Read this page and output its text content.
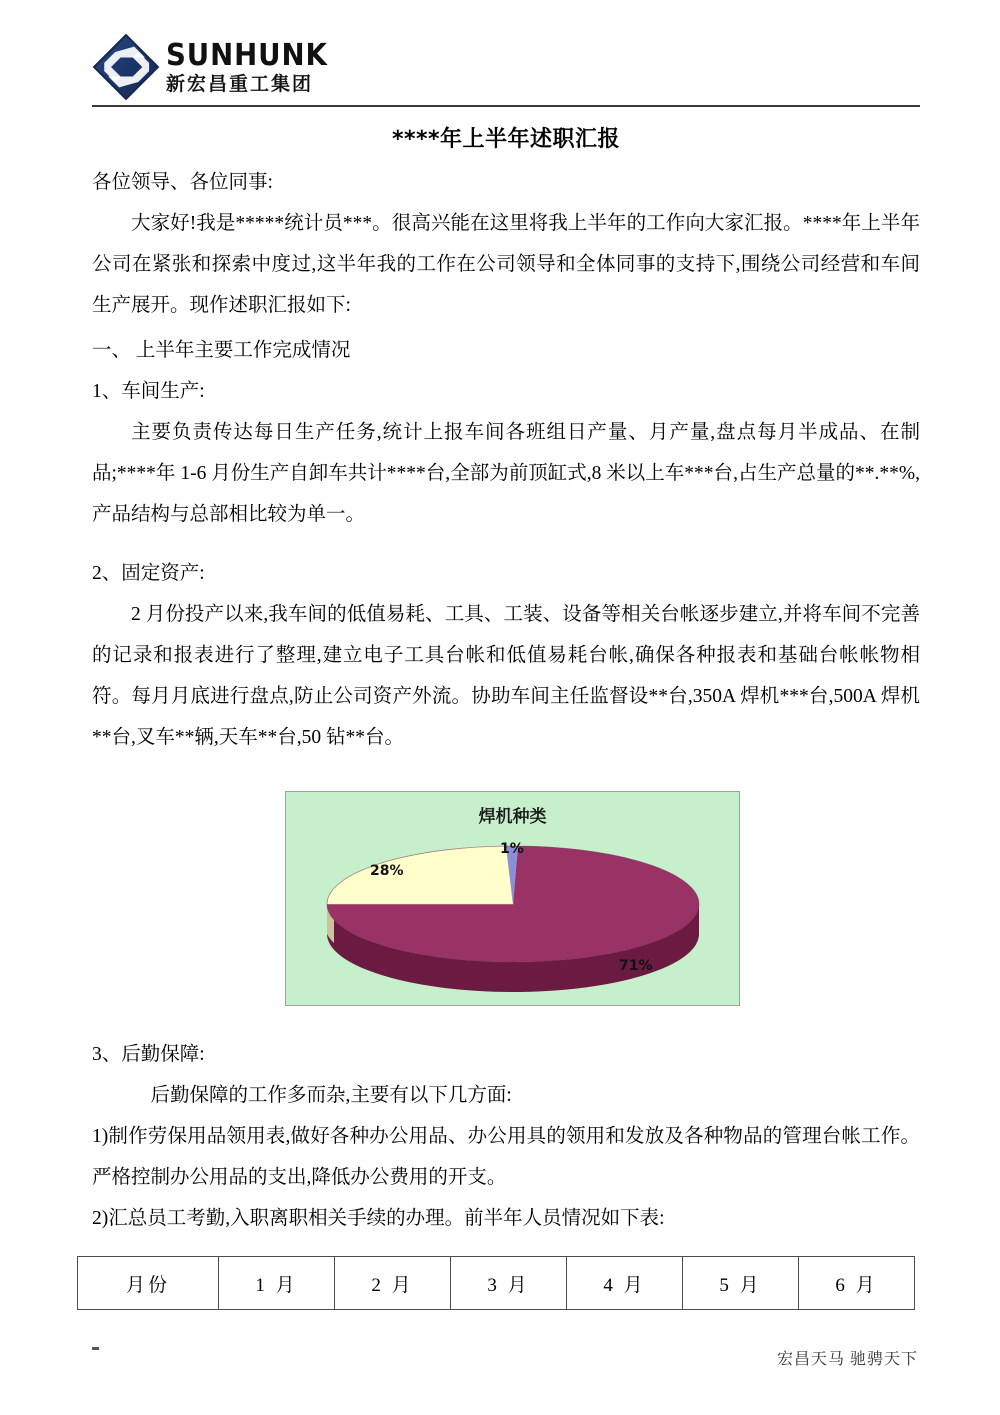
SUNHUNK
新宏昌重工集团
****年上半年述职汇报
各位领导、各位同事:
大家好!我是*****统计员***。很高兴能在这里将我上半年的工作向大家汇报。****年上半年公司在紧张和探索中度过,这半年我的工作在公司领导和全体同事的支持下,围绕公司经营和车间生产展开。现作述职汇报如下:
一、 上半年主要工作完成情况
1、车间生产:
主要负责传达每日生产任务,统计上报车间各班组日产量、月产量,盘点每月半成品、在制品;****年 1-6 月份生产自卸车共计****台,全部为前顶缸式,8 米以上车***台,占生产总量的**.**%,产品结构与总部相比较为单一。
2、固定资产:
2 月份投产以来,我车间的低值易耗、工具、工装、设备等相关台帐逐步建立,并将车间不完善的记录和报表进行了整理,建立电子工具台帐和低值易耗台帐,确保各种报表和基础台帐帐物相符。每月月底进行盘点,防止公司资产外流。协助车间主任监督设**台,350A 焊机***台,500A 焊机**台,叉车**辆,天车**台,50 钻**台。
焊机种类
1%
28%
71%
3、后勤保障:
后勤保障的工作多而杂,主要有以下几方面:
1)制作劳保用品领用表,做好各种办公用品、办公用具的领用和发放及各种物品的管理台帐工作。严格控制办公用品的支出,降低办公费用的开支。
2)汇总员工考勤,入职离职相关手续的办理。前半年人员情况如下表:
月份	1 月	2 月	3 月	4 月	5 月	6 月
宏昌天马 驰骋天下
